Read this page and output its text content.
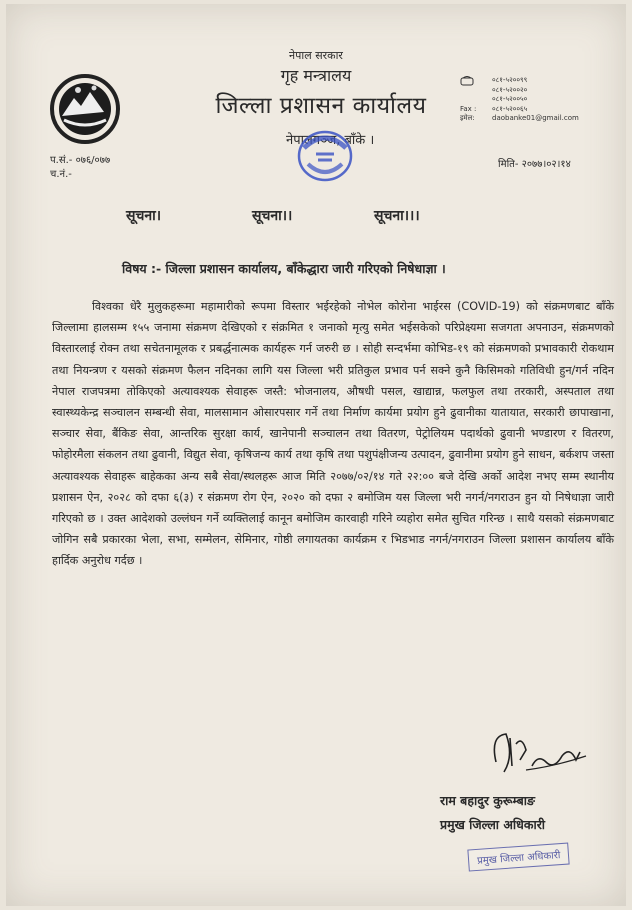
नेपाल सरकार
गृह मन्त्रालय
जिल्ला प्रशासन कार्यालय
नेपालगञ्ज, बाँके ।
०८१-५२००९९
०८१-५२००२०
०८१-५२००५०
Fax :	०८१-५२००६५
इमेल:	daobanke01@gmail.com
प.सं.- ०७६/०७७
च.नं.-
मिति- २०७७।०२।१४
सूचना।	सूचना।।	सूचना।।।
विषय :- जिल्ला प्रशासन कार्यालय, बाँकेद्धारा जारी गरिएको निषेधाज्ञा ।
विश्वका धेरै मुलुकहरूमा महामारीको रूपमा विस्तार भईरहेको नोभेल कोरोना भाईरस (COVID-19) को संक्रमणबाट बाँके जिल्लामा हालसम्म १५५ जनामा संक्रमण देखिएको र संक्रमित १ जनाको मृत्यु समेत भईसकेको परिप्रेक्ष्यमा सजगता अपनाउन, संक्रमणको विस्तारलाई रोक्न तथा सचेतनामूलक र प्रबर्द्धनात्मक कार्यहरू गर्न जरुरी छ । सोही सन्दर्भमा कोभिड-१९ को संक्रमणको प्रभावकारी रोकथाम तथा नियन्त्रण र यसको संक्रमण फैलन नदिनका लागि यस जिल्ला भरी प्रतिकुल प्रभाव पर्न सक्ने कुनै किसिमको गतिविधी हुन/गर्न नदिन नेपाल राजपत्रमा तोकिएको अत्यावश्यक सेवाहरू जस्तै: भोजनालय, औषधी पसल, खाद्यान्न, फलफुल तथा तरकारी, अस्पताल तथा स्वास्थ्यकेन्द्र सञ्चालन सम्बन्धी सेवा, मालसामान ओसारपसार गर्ने तथा निर्माण कार्यमा प्रयोग हुने ढुवानीका यातायात, सरकारी छापाखाना, सञ्चार सेवा, बैंकिङ सेवा, आन्तरिक सुरक्षा कार्य, खानेपानी सञ्चालन तथा वितरण, पेट्रोलियम पदार्थको ढुवानी भण्डारण र वितरण, फोहोरमैला संकलन तथा ढुवानी, विद्युत सेवा, कृषिजन्य कार्य तथा कृषि तथा पशुपंक्षीजन्य उत्पादन, ढुवानीमा प्रयोग हुने साधन, बर्कशप जस्ता अत्यावश्यक सेवाहरू बाहेकका अन्य सबै सेवा/स्थलहरू आज मिति २०७७/०२/१४ गते २२:०० बजे देखि अर्को आदेश नभए सम्म स्थानीय प्रशासन ऐन, २०२८ को दफा ६(३) र संक्रमण रोग ऐन, २०२० को दफा २ बमोजिम यस जिल्ला भरी नगर्न/नगराउन हुन यो निषेधाज्ञा जारी गरिएको छ । उक्त आदेशको उल्लंघन गर्ने व्यक्तिलाई कानून बमोजिम कारवाही गरिने व्यहोरा समेत सुचित गरिन्छ । साथै यसको संक्रमणबाट जोगिन सबै प्रकारका भेला, सभा, सम्मेलन, सेमिनार, गोष्ठी लगायतका कार्यक्रम र भिडभाड नगर्न/नगराउन जिल्ला प्रशासन कार्यालय बाँके हार्दिक अनुरोध गर्दछ ।
राम बहादुर कुरूम्बाङ
प्रमुख जिल्ला अधिकारी
प्रमुख जिल्ला अधिकारी
